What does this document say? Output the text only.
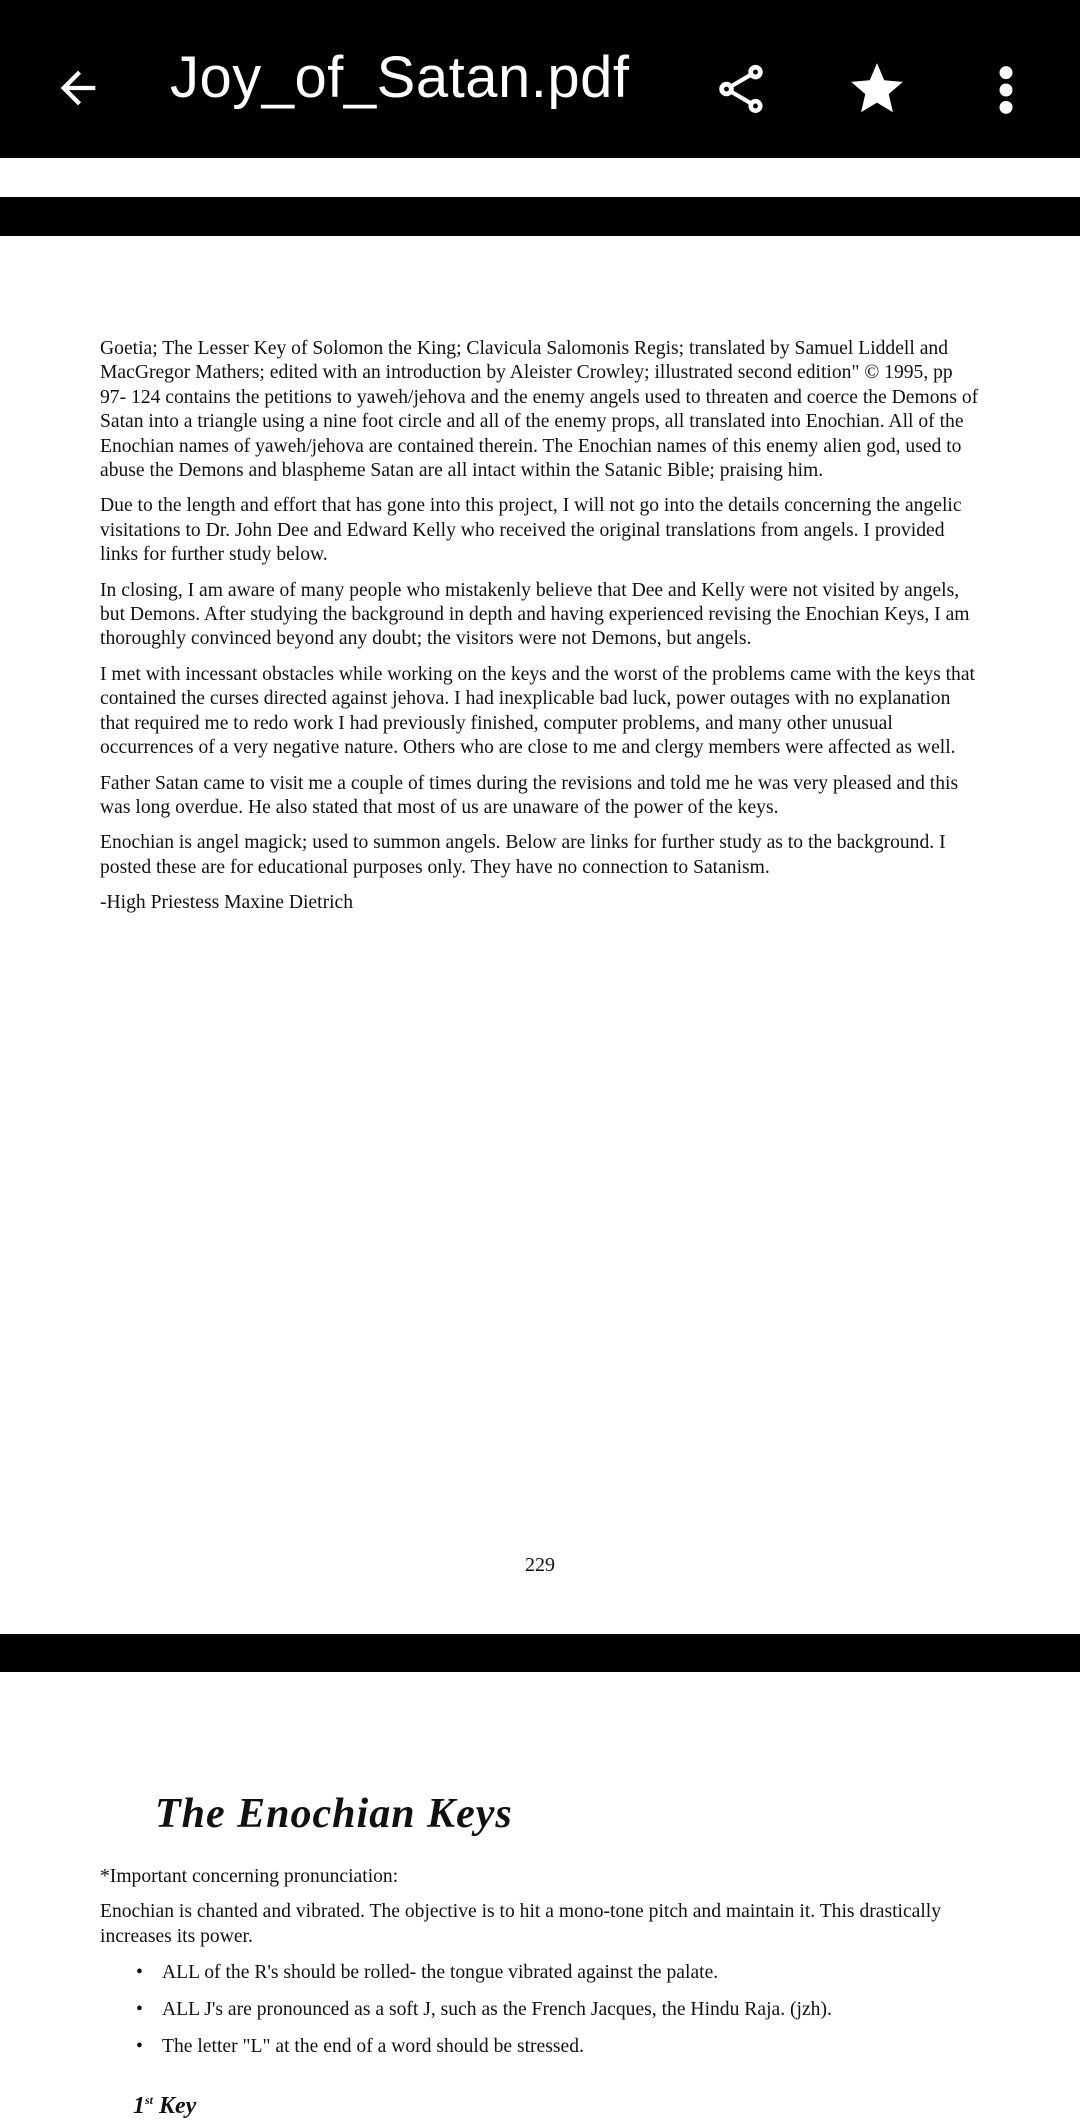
Joy_of_Satan.pdf

Goetia; The Lesser Key of Solomon the King; Clavicula Salomonis Regis; translated by Samuel Liddell and MacGregor Mathers; edited with an introduction by Aleister Crowley; illustrated second edition" © 1995, pp 97- 124 contains the petitions to yaweh/jehova and the enemy angels used to threaten and coerce the Demons of Satan into a triangle using a nine foot circle and all of the enemy props, all translated into Enochian. All of the Enochian names of yaweh/jehova are contained therein. The Enochian names of this enemy alien god, used to abuse the Demons and blaspheme Satan are all intact within the Satanic Bible; praising him.

Due to the length and effort that has gone into this project, I will not go into the details concerning the angelic visitations to Dr. John Dee and Edward Kelly who received the original translations from angels. I provided links for further study below.

In closing, I am aware of many people who mistakenly believe that Dee and Kelly were not visited by angels, but Demons. After studying the background in depth and having experienced revising the Enochian Keys, I am thoroughly convinced beyond any doubt; the visitors were not Demons, but angels.

I met with incessant obstacles while working on the keys and the worst of the problems came with the keys that contained the curses directed against jehova. I had inexplicable bad luck, power outages with no explanation that required me to redo work I had previously finished, computer problems, and many other unusual occurrences of a very negative nature. Others who are close to me and clergy members were affected as well.

Father Satan came to visit me a couple of times during the revisions and told me he was very pleased and this was long overdue. He also stated that most of us are unaware of the power of the keys.

Enochian is angel magick; used to summon angels. Below are links for further study as to the background. I posted these are for educational purposes only. They have no connection to Satanism.

-High Priestess Maxine Dietrich

229
The Enochian Keys

*Important concerning pronunciation:

Enochian is chanted and vibrated. The objective is to hit a mono-tone pitch and maintain it. This drastically increases its power.

• ALL of the R's should be rolled- the tongue vibrated against the palate.
• ALL J's are pronounced as a soft J, such as the French Jacques, the Hindu Raja. (jzh).
• The letter "L" at the end of a word should be stressed.
1st Key
